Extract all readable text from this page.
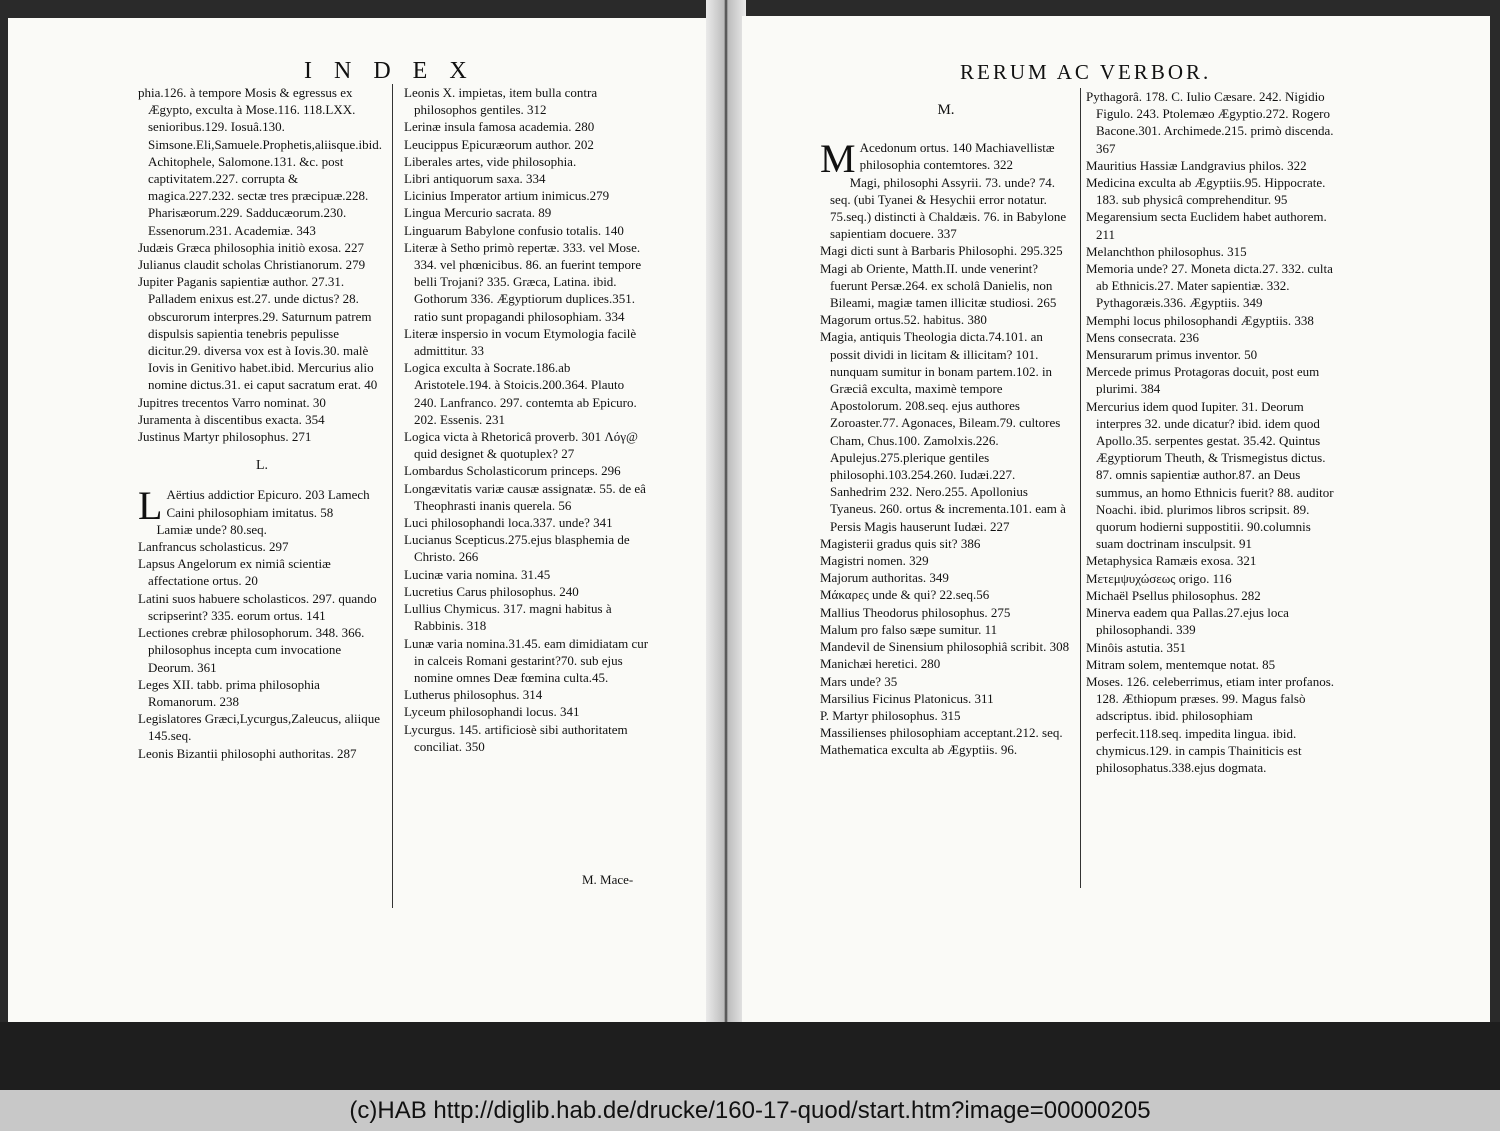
INDEX

phia.126. à tempore Mosis & egressus ex Ægypto, exculta à Mose.116. 118.LXX. senioribus.129. Iosuâ.130. Simsone.Eli,Samuele.Prophetis,aliisque.ibid. Achitophele, Salomone.131. &c. post captivitatem.227. corrupta & magica.227.232. sectæ tres præcipuæ.228. Pharisæorum.229. Sadducæorum.230. Essenorum.231. Academiæ. 343

Judæis Græca philosophia initiò exosa. 227

Julianus claudit scholas Christianorum. 279

Jupiter Paganis sapientiæ author. 27.31. Palladem enixus est.27. unde dictus? 28. obscurorum interpres.29. Saturnum patrem dispulsis sapientia tenebris pepulisse dicitur.29. diversa vox est à Iovis.30. malè Iovis in Genitivo habet.ibid. Mercurius alio nomine dictus.31. ei caput sacratum erat. 40

Jupitres trecentos Varro nominat. 30

Juramenta à discentibus exacta. 354

Justinus Martyr philosophus. 271

L.

L Aërtius addictior Epicuro. 203 Lamech Caini philosophiam imitatus. 58

Lamiæ unde? 80.seq.

Lanfrancus scholasticus. 297

Lapsus Angelorum ex nimiâ scientiæ affectatione ortus. 20

Latini suos habuere scholasticos. 297. quando scripserint? 335. eorum ortus. 141

Lectiones crebræ philosophorum. 348. 366. philosophus incepta cum invocatione Deorum. 361

Leges XII. tabb. prima philosophia Romanorum. 238

Legislatores Græci,Lycurgus,Zaleucus, aliique 145.seq.

Leonis Bizantii philosophi authoritas. 287

Leonis X. impietas, item bulla contra philosophos gentiles. 312

Lerinæ insula famosa academia. 280

Leucippus Epicuræorum author. 202

Liberales artes, vide philosophia.

Libri antiquorum saxa. 334

Licinius Imperator artium inimicus.279

Lingua Mercurio sacrata. 89

Linguarum Babylone confusio totalis. 140

Literæ à Setho primò repertæ. 333. vel Mose. 334. vel phœnicibus. 86. an fuerint tempore belli Trojani? 335. Græca, Latina. ibid. Gothorum 336. Ægyptiorum duplices.351. ratio sunt propagandi philosophiam. 334

Literæ inspersio in vocum Etymologia facilè admittitur. 33

Logica exculta à Socrate.186.ab Aristotele.194. à Stoicis.200.364. Plauto 240. Lanfranco. 297. contemta ab Epicuro. 202. Essenis. 231

Logica victa à Rhetoricâ proverb. 301 Λόγ@ quid designet & quotuplex? 27

Lombardus Scholasticorum princeps. 296

Longævitatis variæ causæ assignatæ. 55. de eâ Theophrasti inanis querela. 56

Luci philosophandi loca.337. unde? 341

Lucianus Scepticus.275.ejus blasphemia de Christo. 266

Lucinæ varia nomina. 31.45

Lucretius Carus philosophus. 240

Lullius Chymicus. 317. magni habitus à Rabbinis. 318

Lunæ varia nomina.31.45. eam dimidiatam cur in calceis Romani gestarint?70. sub ejus nomine omnes Deæ fœmina culta.45.

Lutherus philosophus. 314

Lyceum philosophandi locus. 341

Lycurgus. 145. artificiosè sibi authoritatem conciliat. 350

M. Mace-
RERUM AC VERBOR.

M.

M Acedonum ortus. 140 Machiavellistæ philosophia contemtores. 322

Magi, philosophi Assyrii. 73. unde? 74. seq. (ubi Tyanei & Hesychii error notatur. 75.seq.) distincti à Chaldæis. 76. in Babylone sapientiam docuere. 337

Magi dicti sunt à Barbaris Philosophi. 295.325

Magi ab Oriente, Matth.II. unde venerint? fuerunt Persæ.264. ex scholâ Danielis, non Bileami, magiæ tamen illicitæ studiosi. 265

Magorum ortus.52. habitus. 380

Magia, antiquis Theologia dicta.74.101. an possit dividi in licitam & illicitam? 101. nunquam sumitur in bonam partem.102. in Græciâ exculta, maximè tempore Apostolorum. 208.seq. ejus authores Zoroaster.77. Agonaces, Bileam.79. cultores Cham, Chus.100. Zamolxis.226. Apulejus.275.plerique gentiles philosophi.103.254.260. Iudæi.227. Sanhedrim 232. Nero.255. Apollonius Tyaneus. 260. ortus & incrementa.101. eam à Persis Magis hauserunt Iudæi. 227

Magisterii gradus quis sit? 386

Magistri nomen. 329

Majorum authoritas. 349

Μάκαρες unde & qui? 22.seq.56

Mallius Theodorus philosophus. 275

Malum pro falso sæpe sumitur. 11

Mandevil de Sinensium philosophiâ scribit. 308

Manichæi heretici. 280

Mars unde? 35

Marsilius Ficinus Platonicus. 311

P. Martyr philosophus. 315

Massilienses philosophiam acceptant.212. seq.

Mathematica exculta ab Ægyptiis. 96.

Pythagorâ. 178. C. Iulio Cæsare. 242. Nigidio Figulo. 243. Ptolemæo Ægyptio.272. Rogero Bacone.301. Archimede.215. primò discenda. 367

Mauritius Hassiæ Landgravius philos. 322

Medicina exculta ab Ægyptiis.95. Hippocrate. 183. sub physicâ comprehenditur. 95

Megarensium secta Euclidem habet authorem. 211

Melanchthon philosophus. 315

Memoria unde? 27. Moneta dicta.27. 332. culta ab Ethnicis.27. Mater sapientiæ. 332. Pythagoræis.336. Ægyptiis. 349

Memphi locus philosophandi Ægyptiis. 338

Mens consecrata. 236

Mensurarum primus inventor. 50

Mercede primus Protagoras docuit, post eum plurimi. 384

Mercurius idem quod Iupiter. 31. Deorum interpres 32. unde dicatur? ibid. idem quod Apollo.35. serpentes gestat. 35.42. Quintus Ægyptiorum Theuth, & Trismegistus dictus. 87. omnis sapientiæ author.87. an Deus summus, an homo Ethnicis fuerit? 88. auditor Noachi. ibid. plurimos libros scripsit. 89. quorum hodierni suppostitii. 90.columnis suam doctrinam insculpsit. 91

Metaphysica Ramæis exosa. 321

Μετεμψυχώσεως origo. 116

Michaël Psellus philosophus. 282

Minerva eadem qua Pallas.27.ejus loca philosophandi. 339

Minôis astutia. 351

Mitram solem, mentemque notat. 85

Moses. 126. celeberrimus, etiam inter profanos. 128. Æthiopum præses. 99. Magus falsò adscriptus. ibid. philosophiam perfecit.118.seq. impedita lingua. ibid. chymicus.129. in campis Thainiticis est philosophatus.338.ejus dogmata.

(c)HAB http://diglib.hab.de/drucke/160-17-quod/start.htm?image=00000205
